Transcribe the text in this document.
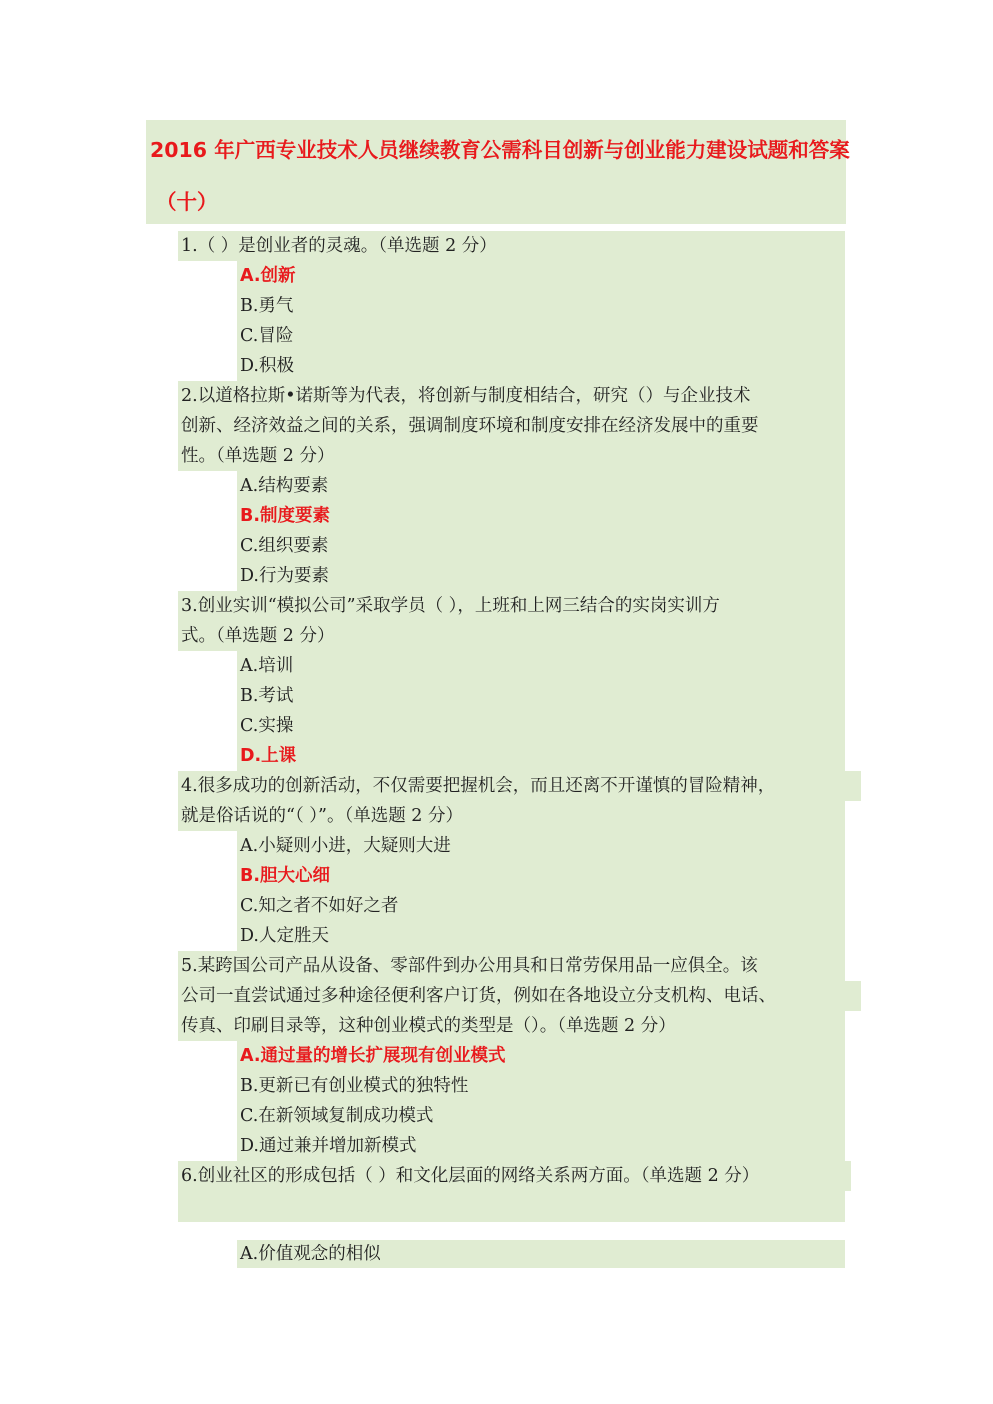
2016 年广西专业技术人员继续教育公需科目创新与创业能力建设试题和答案
（十）
1.（ ）是创业者的灵魂。（单选题 2 分）
A.创新
B.勇气
C.冒险
D.积极
2.以道格拉斯•诺斯等为代表，将创新与制度相结合，研究（）与企业技术
创新、经济效益之间的关系，强调制度环境和制度安排在经济发展中的重要
性。（单选题 2 分）
A.结构要素
B.制度要素
C.组织要素
D.行为要素
3.创业实训“模拟公司”采取学员（ ），上班和上网三结合的实岗实训方
式。（单选题 2 分）
A.培训
B.考试
C.实操
D.上课
4.很多成功的创新活动，不仅需要把握机会，而且还离不开谨慎的冒险精神，
就是俗话说的“（ ）”。（单选题 2 分）
A.小疑则小进，大疑则大进
B.胆大心细
C.知之者不如好之者
D.人定胜天
5.某跨国公司产品从设备、零部件到办公用具和日常劳保用品一应俱全。该
公司一直尝试通过多种途径便利客户订货，例如在各地设立分支机构、电话、
传真、印刷目录等，这种创业模式的类型是（）。（单选题 2 分）
A.通过量的增长扩展现有创业模式
B.更新已有创业模式的独特性
C.在新领域复制成功模式
D.通过兼并增加新模式
6.创业社区的形成包括（ ）和文化层面的网络关系两方面。（单选题 2 分）
A.价值观念的相似
